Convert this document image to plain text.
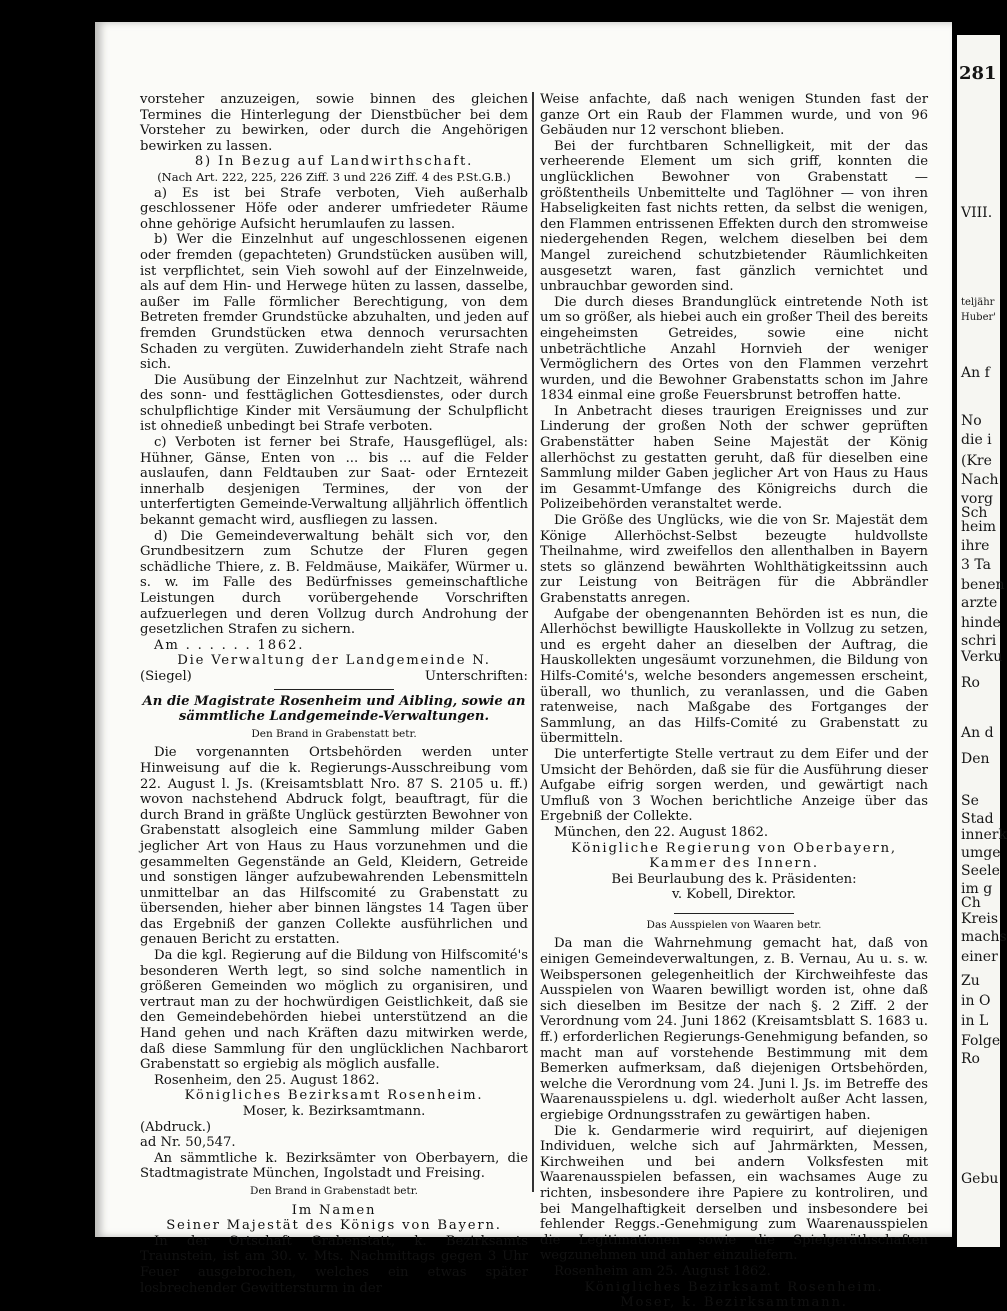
vorsteher anzuzeigen, sowie binnen des gleichen Termines die Hinterlegung der Dienstbücher bei dem Vorsteher zu bewirken, oder durch die Angehörigen bewirken zu lassen.

8) In Bezug auf Landwirthschaft.

(Nach Art. 222, 225, 226 Ziff. 3 und 226 Ziff. 4 des P.St.G.B.)

a) Es ist bei Strafe verboten, Vieh außerhalb geschlossener Höfe oder anderer umfriedeter Räume ohne gehörige Aufsicht herumlaufen zu lassen.

b) Wer die Einzelnhut auf ungeschlossenen eigenen oder fremden (gepachteten) Grundstücken ausüben will, ist verpflichtet, sein Vieh sowohl auf der Einzelnweide, als auf dem Hin- und Herwege hüten zu lassen, dasselbe, außer im Falle förmlicher Berechtigung, von dem Betreten fremder Grundstücke abzuhalten, und jeden auf fremden Grundstücken etwa dennoch verursachten Schaden zu vergüten. Zuwiderhandeln zieht Strafe nach sich.

Die Ausübung der Einzelnhut zur Nachtzeit, während des sonn- und festtäglichen Gottesdienstes, oder durch schulpflichtige Kinder mit Versäumung der Schulpflicht ist ohnedieß unbedingt bei Strafe verboten.

c) Verboten ist ferner bei Strafe, Hausgeflügel, als: Hühner, Gänse, Enten von ... bis ... auf die Felder auslaufen, dann Feldtauben zur Saat- oder Erntezeit innerhalb desjenigen Termines, der von der unterfertigten Gemeinde-Verwaltung alljährlich öffentlich bekannt gemacht wird, ausfliegen zu lassen.

d) Die Gemeindeverwaltung behält sich vor, den Grundbesitzern zum Schutze der Fluren gegen schädliche Thiere, z. B. Feldmäuse, Maikäfer, Würmer u. s. w. im Falle des Bedürfnisses gemeinschaftliche Leistungen durch vorübergehende Vorschriften aufzuerlegen und deren Vollzug durch Androhung der gesetzlichen Strafen zu sichern.

Am . . . . . . 1862.

Die Verwaltung der Landgemeinde N.

(Siegel)	Unterschriften:

An die Magistrate Rosenheim und Aibling, sowie an sämmtliche Landgemeinde-Verwaltungen.

Den Brand in Grabenstatt betr.

Die vorgenannten Ortsbehörden werden unter Hinweisung auf die k. Regierungs-Ausschreibung vom 22. August l. Js. (Kreisamtsblatt Nro. 87 S. 2105 u. ff.) wovon nachstehend Abdruck folgt, beauftragt, für die durch Brand in gräßte Unglück gestürzten Bewohner von Grabenstatt alsogleich eine Sammlung milder Gaben jeglicher Art von Haus zu Haus vorzunehmen und die gesammelten Gegenstände an Geld, Kleidern, Getreide und sonstigen länger aufzubewahrenden Lebensmitteln unmittelbar an das Hilfscomité zu Grabenstatt zu übersenden, hieher aber binnen längstes 14 Tagen über das Ergebniß der ganzen Collekte ausführlichen und genauen Bericht zu erstatten.

Da die kgl. Regierung auf die Bildung von Hilfscomité's besonderen Werth legt, so sind solche namentlich in größeren Gemeinden wo möglich zu organisiren, und vertraut man zu der hochwürdigen Geistlichkeit, daß sie den Gemeindebehörden hiebei unterstützend an die Hand gehen und nach Kräften dazu mitwirken werde, daß diese Sammlung für den unglücklichen Nachbarort Grabenstatt so ergiebig als möglich ausfalle.

Rosenheim, den 25. August 1862.

Königliches Bezirksamt Rosenheim.

Moser, k. Bezirksamtmann.

(Abdruck.)

ad Nr. 50,547.

An sämmtliche k. Bezirksämter von Oberbayern, die Stadtmagistrate München, Ingolstadt und Freising.

Den Brand in Grabenstadt betr.

Im Namen

Seiner Majestät des Königs von Bayern.

In der Ortschaft Grabenstatt, k. Bezirksamts Traunstein, ist am 30. v. Mts. Nachmittags gegen 3 Uhr Feuer ausgebrochen, welches ein etwas später losbrechender Gewittersturm in der

Weise anfachte, daß nach wenigen Stunden fast der ganze Ort ein Raub der Flammen wurde, und von 96 Gebäuden nur 12 verschont blieben.

Bei der furchtbaren Schnelligkeit, mit der das verheerende Element um sich griff, konnten die unglücklichen Bewohner von Grabenstatt — größtentheils Unbemittelte und Taglöhner — von ihren Habseligkeiten fast nichts retten, da selbst die wenigen, den Flammen entrissenen Effekten durch den stromweise niedergehenden Regen, welchem dieselben bei dem Mangel zureichend schutzbietender Räumlichkeiten ausgesetzt waren, fast gänzlich vernichtet und unbrauchbar geworden sind.

Die durch dieses Brandunglück eintretende Noth ist um so größer, als hiebei auch ein großer Theil des bereits eingeheimsten Getreides, sowie eine nicht unbeträchtliche Anzahl Hornvieh der weniger Vermöglichern des Ortes von den Flammen verzehrt wurden, und die Bewohner Grabenstatts schon im Jahre 1834 einmal eine große Feuersbrunst betroffen hatte.

In Anbetracht dieses traurigen Ereignisses und zur Linderung der großen Noth der schwer geprüften Grabenstätter haben Seine Majestät der König allerhöchst zu gestatten geruht, daß für dieselben eine Sammlung milder Gaben jeglicher Art von Haus zu Haus im Gesammt-Umfange des Königreichs durch die Polizeibehörden veranstaltet werde.

Die Größe des Unglücks, wie die von Sr. Majestät dem Könige Allerhöchst-Selbst bezeugte huldvollste Theilnahme, wird zweifellos den allenthalben in Bayern stets so glänzend bewährten Wohlthätigkeitssinn auch zur Leistung von Beiträgen für die Abbrändler Grabenstatts anregen.

Aufgabe der obengenannten Behörden ist es nun, die Allerhöchst bewilligte Hauskollekte in Vollzug zu setzen, und es ergeht daher an dieselben der Auftrag, die Hauskollekten ungesäumt vorzunehmen, die Bildung von Hilfs-Comité's, welche besonders angemessen erscheint, überall, wo thunlich, zu veranlassen, und die Gaben ratenweise, nach Maßgabe des Fortganges der Sammlung, an das Hilfs-Comité zu Grabenstatt zu übermitteln.

Die unterfertigte Stelle vertraut zu dem Eifer und der Umsicht der Behörden, daß sie für die Ausführung dieser Aufgabe eifrig sorgen werden, und gewärtigt nach Umfluß von 3 Wochen berichtliche Anzeige über das Ergebniß der Collekte.

München, den 22. August 1862.

Königliche Regierung von Oberbayern,

Kammer des Innern.

Bei Beurlaubung des k. Präsidenten:

v. Kobell, Direktor.

Das Ausspielen von Waaren betr.

Da man die Wahrnehmung gemacht hat, daß von einigen Gemeindeverwaltungen, z. B. Vernau, Au u. s. w. Weibspersonen gelegenheitlich der Kirchweihfeste das Ausspielen von Waaren bewilligt worden ist, ohne daß sich dieselben im Besitze der nach §. 2 Ziff. 2 der Verordnung vom 24. Juni 1862 (Kreisamtsblatt S. 1683 u. ff.) erforderlichen Regierungs-Genehmigung befanden, so macht man auf vorstehende Bestimmung mit dem Bemerken aufmerksam, daß diejenigen Ortsbehörden, welche die Verordnung vom 24. Juni l. Js. im Betreffe des Waarenausspielens u. dgl. wiederholt außer Acht lassen, ergiebige Ordnungsstrafen zu gewärtigen haben.

Die k. Gendarmerie wird requirirt, auf diejenigen Individuen, welche sich auf Jahrmärkten, Messen, Kirchweihen und bei andern Volksfesten mit Waarenausspielen befassen, ein wachsames Auge zu richten, insbesondere ihre Papiere zu kontroliren, und bei Mangelhaftigkeit derselben und insbesondere bei fehlender Reggs.-Genehmigung zum Waarenausspielen die Legitimationen sowie die Spielgeräthschaften wegzunehmen und anher einzuliefern.

Rosenheim am 25. August 1862.

Königliches Bezirksamt Rosenheim.

Moser, k. Bezirksamtmann.

281
VIII.
teljähr
Huber'
An f
No
die i
(Kre
Nach
vorg
Sch
heim
ihre
3 Ta
benen
arzte
hinde
schri
Verku
Ro
An d
Den
Se
Stad
innerk
umge
Seele
im g
Ch
Kreis
machs
einer
Zu
in O
in L
Folge
Ro
Gebu
